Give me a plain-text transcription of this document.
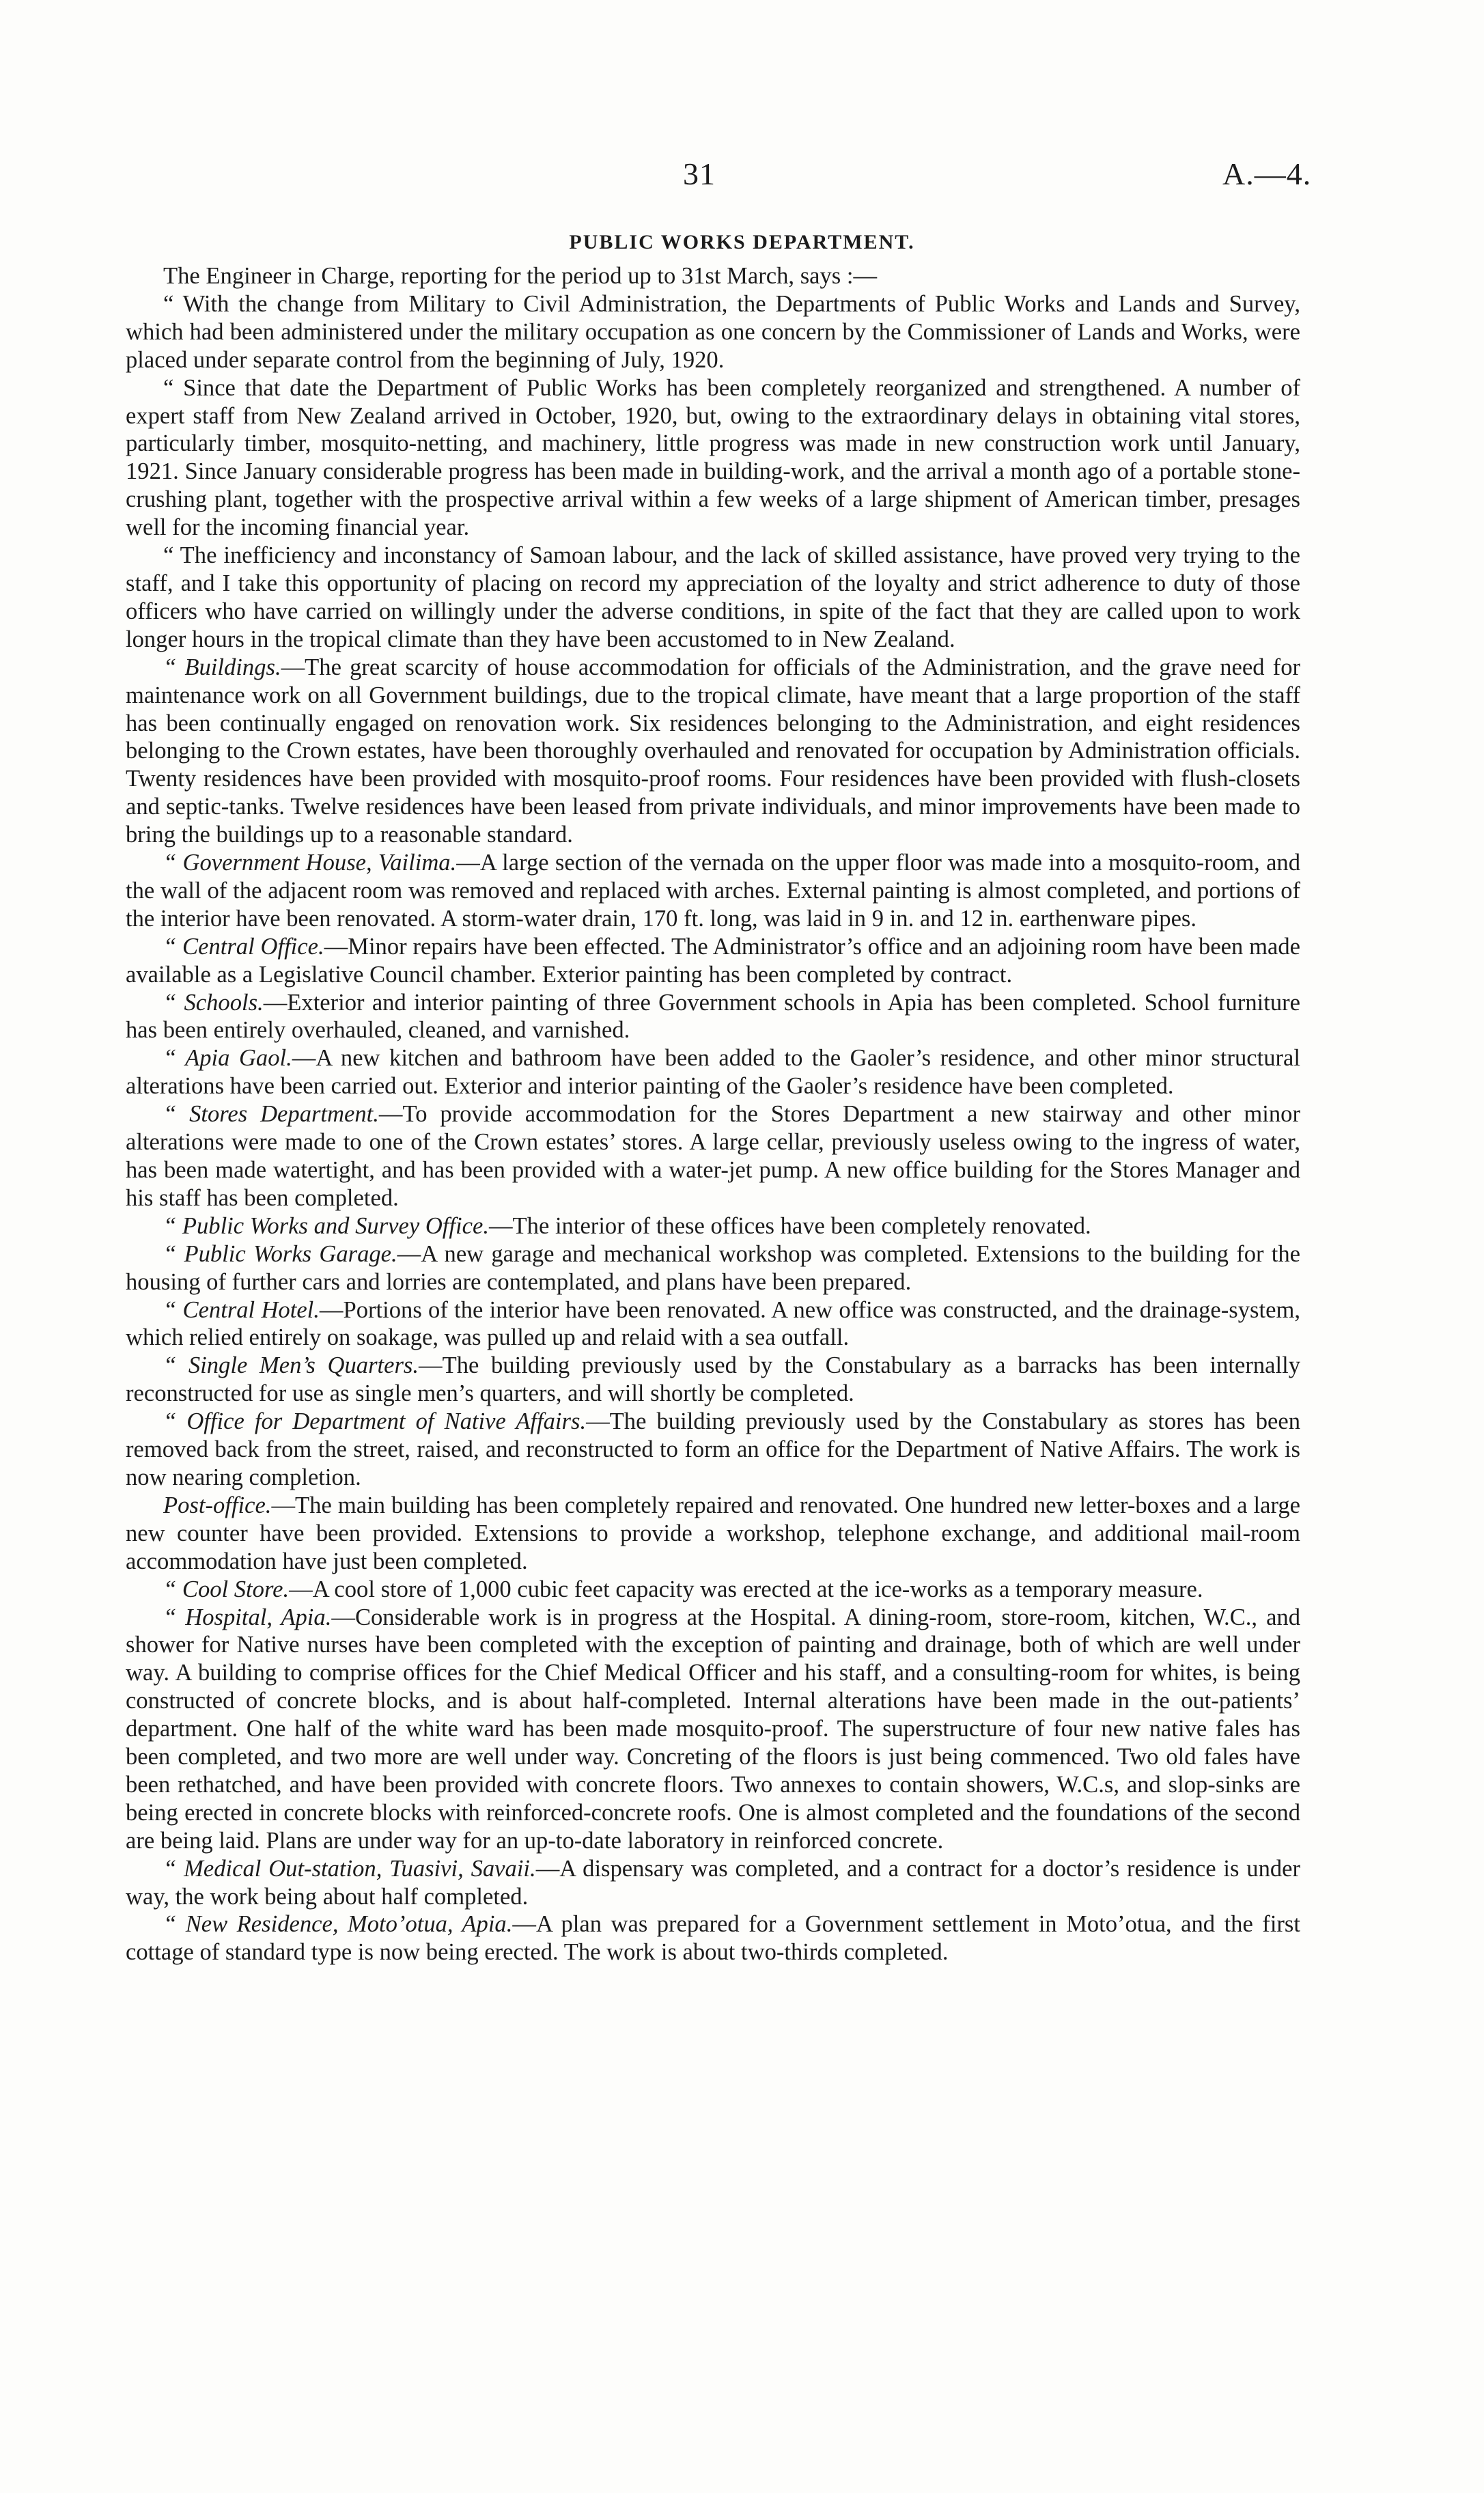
31	A.—4.
PUBLIC WORKS DEPARTMENT.

The Engineer in Charge, reporting for the period up to 31st March, says :—

“ With the change from Military to Civil Administration, the Departments of Public Works and Lands and Survey, which had been administered under the military occupation as one concern by the Commissioner of Lands and Works, were placed under separate control from the beginning of July, 1920.

“ Since that date the Department of Public Works has been completely reorganized and strengthened. A number of expert staff from New Zealand arrived in October, 1920, but, owing to the extraordinary delays in obtaining vital stores, particularly timber, mosquito-netting, and machinery, little progress was made in new construction work until January, 1921. Since January considerable progress has been made in building-work, and the arrival a month ago of a portable stone-crushing plant, together with the prospective arrival within a few weeks of a large shipment of American timber, presages well for the incoming financial year.

“ The inefficiency and inconstancy of Samoan labour, and the lack of skilled assistance, have proved very trying to the staff, and I take this opportunity of placing on record my appreciation of the loyalty and strict adherence to duty of those officers who have carried on willingly under the adverse conditions, in spite of the fact that they are called upon to work longer hours in the tropical climate than they have been accustomed to in New Zealand.

“ Buildings.—The great scarcity of house accommodation for officials of the Administration, and the grave need for maintenance work on all Government buildings, due to the tropical climate, have meant that a large proportion of the staff has been continually engaged on renovation work. Six residences belonging to the Administration, and eight residences belonging to the Crown estates, have been thoroughly overhauled and renovated for occupation by Administration officials. Twenty residences have been provided with mosquito-proof rooms. Four residences have been provided with flush-closets and septic-tanks. Twelve residences have been leased from private individuals, and minor improvements have been made to bring the buildings up to a reasonable standard.

“ Government House, Vailima.—A large section of the vernada on the upper floor was made into a mosquito-room, and the wall of the adjacent room was removed and replaced with arches. External painting is almost completed, and portions of the interior have been renovated. A storm-water drain, 170 ft. long, was laid in 9 in. and 12 in. earthenware pipes.

“ Central Office.—Minor repairs have been effected. The Administrator’s office and an adjoining room have been made available as a Legislative Council chamber. Exterior painting has been completed by contract.

“ Schools.—Exterior and interior painting of three Government schools in Apia has been completed. School furniture has been entirely overhauled, cleaned, and varnished.

“ Apia Gaol.—A new kitchen and bathroom have been added to the Gaoler’s residence, and other minor structural alterations have been carried out. Exterior and interior painting of the Gaoler’s residence have been completed.

“ Stores Department.—To provide accommodation for the Stores Department a new stairway and other minor alterations were made to one of the Crown estates’ stores. A large cellar, previously useless owing to the ingress of water, has been made watertight, and has been provided with a water-jet pump. A new office building for the Stores Manager and his staff has been completed.

“ Public Works and Survey Office.—The interior of these offices have been completely renovated.

“ Public Works Garage.—A new garage and mechanical workshop was completed. Extensions to the building for the housing of further cars and lorries are contemplated, and plans have been prepared.

“ Central Hotel.—Portions of the interior have been renovated. A new office was constructed, and the drainage-system, which relied entirely on soakage, was pulled up and relaid with a sea outfall.

“ Single Men’s Quarters.—The building previously used by the Constabulary as a barracks has been internally reconstructed for use as single men’s quarters, and will shortly be completed.

“ Office for Department of Native Affairs.—The building previously used by the Constabulary as stores has been removed back from the street, raised, and reconstructed to form an office for the Department of Native Affairs. The work is now nearing completion.

Post-office.—The main building has been completely repaired and renovated. One hundred new letter-boxes and a large new counter have been provided. Extensions to provide a workshop, telephone exchange, and additional mail-room accommodation have just been completed.

“ Cool Store.—A cool store of 1,000 cubic feet capacity was erected at the ice-works as a temporary measure.

“ Hospital, Apia.—Considerable work is in progress at the Hospital. A dining-room, store-room, kitchen, W.C., and shower for Native nurses have been completed with the exception of painting and drainage, both of which are well under way. A building to comprise offices for the Chief Medical Officer and his staff, and a consulting-room for whites, is being constructed of concrete blocks, and is about half-completed. Internal alterations have been made in the out-patients’ department. One half of the white ward has been made mosquito-proof. The superstructure of four new native fales has been completed, and two more are well under way. Concreting of the floors is just being commenced. Two old fales have been rethatched, and have been provided with concrete floors. Two annexes to contain showers, W.C.s, and slop-sinks are being erected in concrete blocks with reinforced-concrete roofs. One is almost completed and the foundations of the second are being laid. Plans are under way for an up-to-date laboratory in reinforced concrete.

“ Medical Out-station, Tuasivi, Savaii.—A dispensary was completed, and a contract for a doctor’s residence is under way, the work being about half completed.

“ New Residence, Moto’otua, Apia.—A plan was prepared for a Government settlement in Moto’otua, and the first cottage of standard type is now being erected. The work is about two-thirds completed.
